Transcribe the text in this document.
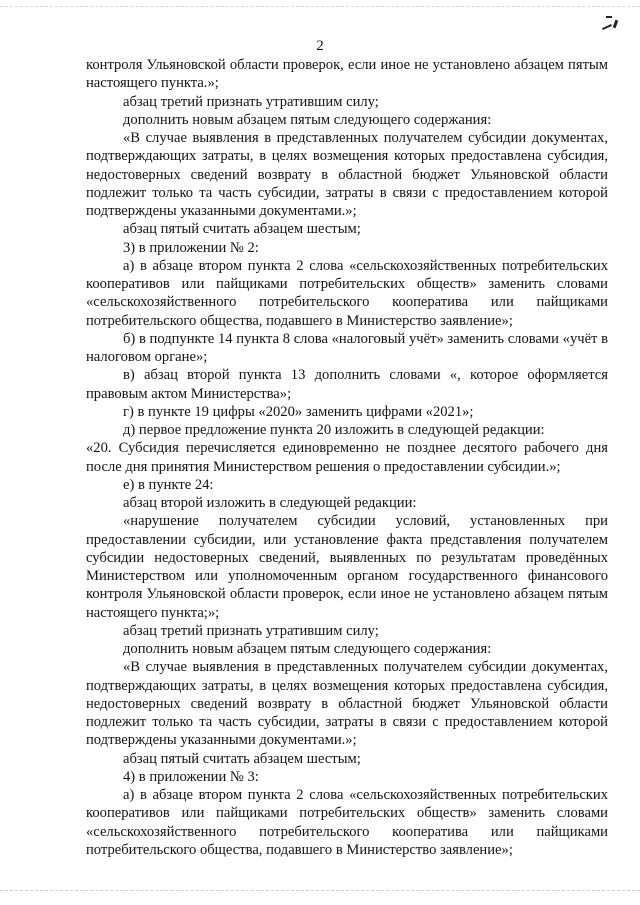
2

контроля Ульяновской области проверок, если иное не установлено абзацем пятым настоящего пункта.»;

абзац третий признать утратившим силу;

дополнить новым абзацем пятым следующего содержания:

«В случае выявления в представленных получателем субсидии документах, подтверждающих затраты, в целях возмещения которых предоставлена субсидия, недостоверных сведений возврату в областной бюджет Ульяновской области подлежит только та часть субсидии, затраты в связи с предоставлением которой подтверждены указанными документами.»;

абзац пятый считать абзацем шестым;

3) в приложении № 2:

а) в абзаце втором пункта 2 слова «сельскохозяйственных потребительских кооперативов или пайщиками потребительских обществ» заменить словами «сельскохозяйственного потребительского кооператива или пайщиками потребительского общества, подавшего в Министерство заявление»;

б) в подпункте 14 пункта 8 слова «налоговый учёт» заменить словами «учёт в налоговом органе»;

в) абзац второй пункта 13 дополнить словами «, которое оформляется правовым актом Министерства»;

г) в пункте 19 цифры «2020» заменить цифрами «2021»;

д) первое предложение пункта 20 изложить в следующей редакции:

«20. Субсидия перечисляется единовременно не позднее десятого рабочего дня после дня принятия Министерством решения о предоставлении субсидии.»;

е) в пункте 24:

абзац второй изложить в следующей редакции:

«нарушение получателем субсидии условий, установленных при предоставлении субсидии, или установление факта представления получателем субсидии недостоверных сведений, выявленных по результатам проведённых Министерством или уполномоченным органом государственного финансового контроля Ульяновской области проверок, если иное не установлено абзацем пятым настоящего пункта;»;

абзац третий признать утратившим силу;

дополнить новым абзацем пятым следующего содержания:

«В случае выявления в представленных получателем субсидии документах, подтверждающих затраты, в целях возмещения которых предоставлена субсидия, недостоверных сведений возврату в областной бюджет Ульяновской области подлежит только та часть субсидии, затраты в связи с предоставлением которой подтверждены указанными документами.»;

абзац пятый считать абзацем шестым;

4) в приложении № 3:

а) в абзаце втором пункта 2 слова «сельскохозяйственных потребительских кооперативов или пайщиками потребительских обществ» заменить словами «сельскохозяйственного потребительского кооператива или пайщиками потребительского общества, подавшего в Министерство заявление»;
